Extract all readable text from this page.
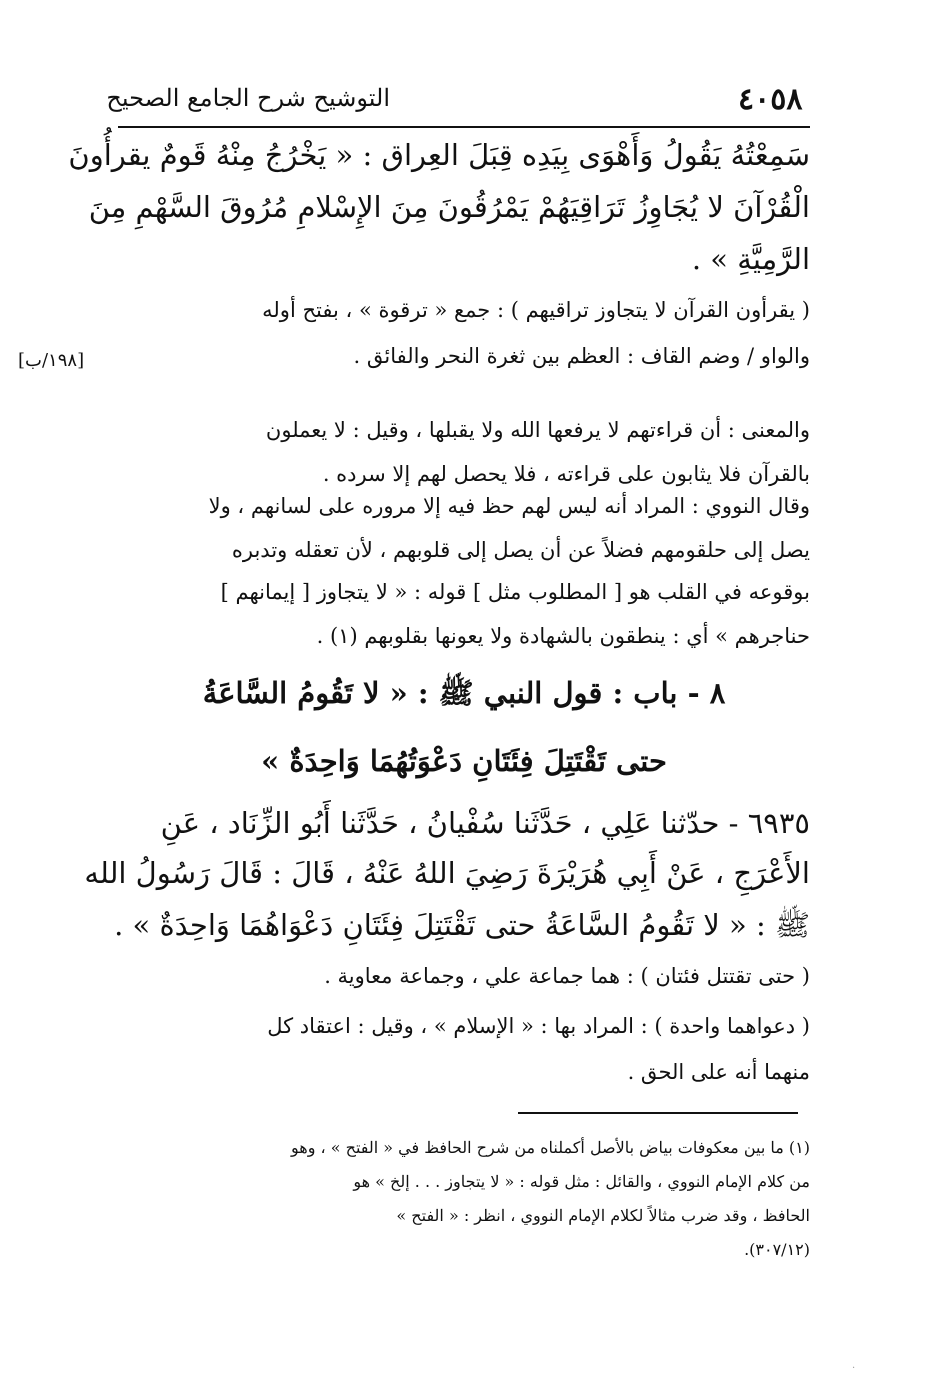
٤٠٥٨
التوشيح شرح الجامع الصحيح
سَمِعْتُهُ يَقُولُ وَأَهْوَى بِيَدِه قِبَلَ العِراق : « يَخْرُجُ مِنْهُ قَومٌ يقرأُونَ
الْقُرْآنَ لا يُجَاوِزُ تَرَاقِيَهُمْ يَمْرُقُونَ مِنَ الإِسْلامِ مُرُوقَ السَّهْمِ مِنَ
الرَّمِيَّةِ » .
( يقرأون القرآن لا يتجاوز تراقيهم ) : جمع « ترقوة » ، بفتح أوله
والواو / وضم القاف : العظم بين ثغرة النحر والفائق .
[١٩٨/ب]
والمعنى : أن قراءتهم لا يرفعها الله ولا يقبلها ، وقيل : لا يعملون
بالقرآن فلا يثابون على قراءته ، فلا يحصل لهم إلا سرده .
وقال النووي : المراد أنه ليس لهم حظ فيه إلا مروره على لسانهم ، ولا
يصل إلى حلقومهم فضلاً عن أن يصل إلى قلوبهم ، لأن تعقله وتدبره
بوقوعه في القلب هو [ المطلوب مثل ] قوله : « لا يتجاوز [ إيمانهم ]
حناجرهم » أي : ينطقون بالشهادة ولا يعونها بقلوبهم (١) .
٨ - باب : قول النبي ﷺ : « لا تَقُومُ السَّاعَةُ
حتى تَقْتَتِلَ فِئَتَانِ دَعْوَتُهُمَا وَاحِدَةٌ »
٦٩٣٥ - حدّثنا عَلِي ، حَدَّثَنا سُفْيانُ ، حَدَّثَنا أَبُو الزِّنَاد ، عَنِ
الأَعْرَجِ ، عَنْ أَبِي هُرَيْرَةَ رَضِيَ اللهُ عَنْهُ ، قَالَ : قَالَ رَسُولُ الله
ﷺ : « لا تَقُومُ السَّاعَةُ حتى تَقْتَتِلَ فِئَتَانِ دَعْوَاهُمَا وَاحِدَةٌ » .
( حتى تقتتل فئتان ) : هما جماعة علي ، وجماعة معاوية .
( دعواهما واحدة ) : المراد بها : « الإسلام » ، وقيل : اعتقاد كل
منهما أنه على الحق .
(١) ما بين معكوفات بياض بالأصل أكملناه من شرح الحافظ في « الفتح » ، وهو
من كلام الإمام النووي ، والقائل : مثل قوله : « لا يتجاوز . . . إلخ » هو
الحافظ ، وقد ضرب مثالاً لكلام الإمام النووي ، انظر : « الفتح »
(٣٠٧/١٢).
.
